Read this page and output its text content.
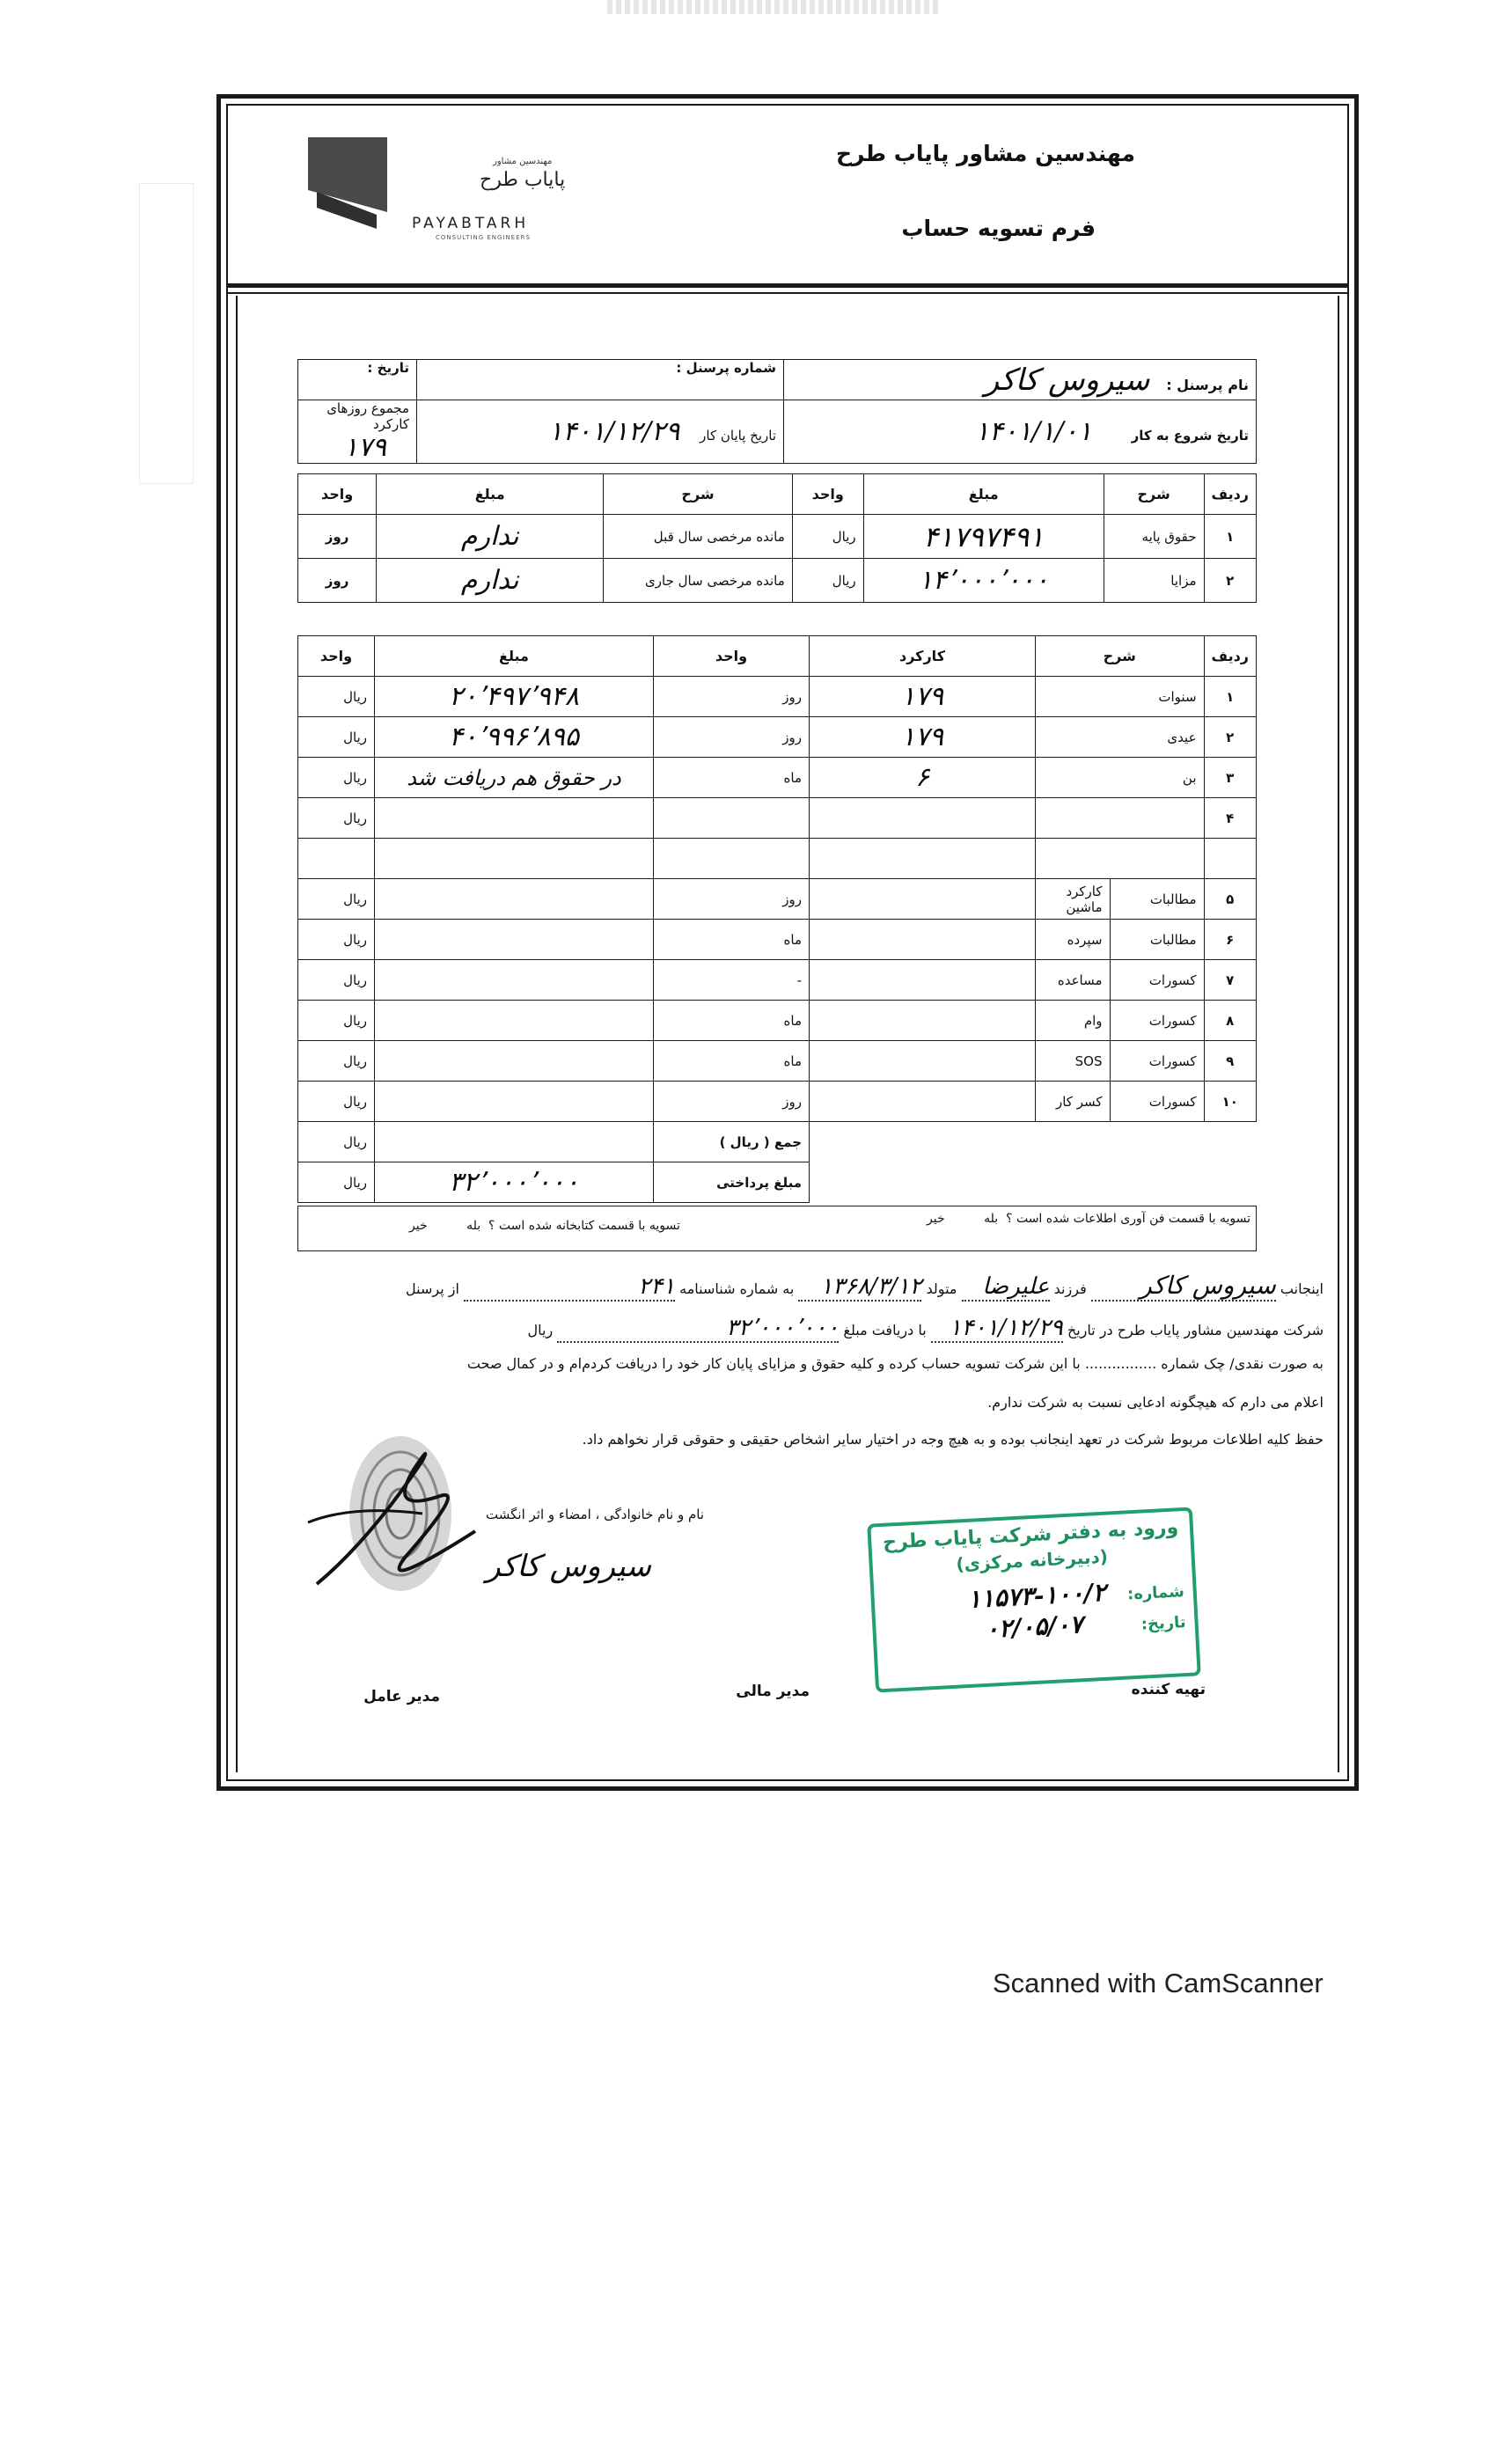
مهندسین مشاور
پایاب طرح
PAYABTARH
CONSULTING ENGINEERS
مهندسین مشاور پایاب طرح
فرم تسویه حساب
نام پرسنل : سیروس کاکر	شماره پرسنل :	تاریخ :
تاریخ شروع به کار ۱۴۰۱/۱/۰۱	تاریخ پایان کار ۱۴۰۱/۱۲/۲۹	مجموع روزهای کارکرد ۱۷۹
ردیف	شرح	مبلغ	واحد	شرح	مبلغ	واحد
۱	حقوق پایه	۴۱۷۹۷۴۹۱	ریال	مانده مرخصی سال قبل	ندارم	روز
۲	مزایا	۱۴٬۰۰۰٬۰۰۰	ریال	مانده مرخصی سال جاری	ندارم	روز
ردیف	شرح		کارکرد	واحد	مبلغ	واحد
۱	سنوات		۱۷۹	روز	۲۰٬۴۹۷٬۹۴۸	ریال
۲	عیدی		۱۷۹	روز	۴۰٬۹۹۶٬۸۹۵	ریال
۳	بن		۶	ماه	در حقوق هم دریافت شد	ریال
۴						ریال

۵	مطالبات	کارکرد ماشین		روز		ریال
۶	مطالبات	سپرده		ماه		ریال
۷	کسورات	مساعده		-		ریال
۸	کسورات	وام		ماه		ریال
۹	کسورات	SOS		ماه		ریال
۱۰	کسورات	کسر کار		روز		ریال
				جمع ( ریال )		ریال
				مبلغ پرداختی	۳۲٬۰۰۰٬۰۰۰	ریال
تسویه با قسمت فن آوری اطلاعات شده است ؟  بله          خیر
تسویه با قسمت کتابخانه شده است ؟  بله          خیر
اینجانب سیروس کاکر فرزند علیرضا متولد ۱۳۶۸/۳/۱۲ به شماره شناسنامه ۲۴۱ از پرسنل
شرکت مهندسین مشاور پایاب طرح در تاریخ ۱۴۰۱/۱۲/۲۹ با دریافت مبلغ ۳۲٬۰۰۰٬۰۰۰ ریال
به صورت نقدی/ چک شماره ................ با این شرکت تسویه حساب کرده و کلیه حقوق و مزایای پایان کار خود را دریافت کردم‌ام و در کمال صحت
اعلام می دارم که هیچگونه ادعایی نسبت به شرکت ندارم.
حفظ کلیه اطلاعات مربوط شرکت در تعهد اینجانب بوده و به هیچ وجه در اختیار سایر اشخاص حقیقی و حقوقی قرار نخواهم داد.
نام و نام خانوادگی ، امضاء و اثر انگشت
سیروس کاکر
ورود به دفتر شرکت پایاب طرح
(دبیرخانه مرکزی)
شماره: ۱۰۰/۲-۱۱۵۷۳
تاریخ: ۰۲/۰۵/۰۷
تهیه کننده
مدیر مالی
مدیر عامل
Scanned with CamScanner
